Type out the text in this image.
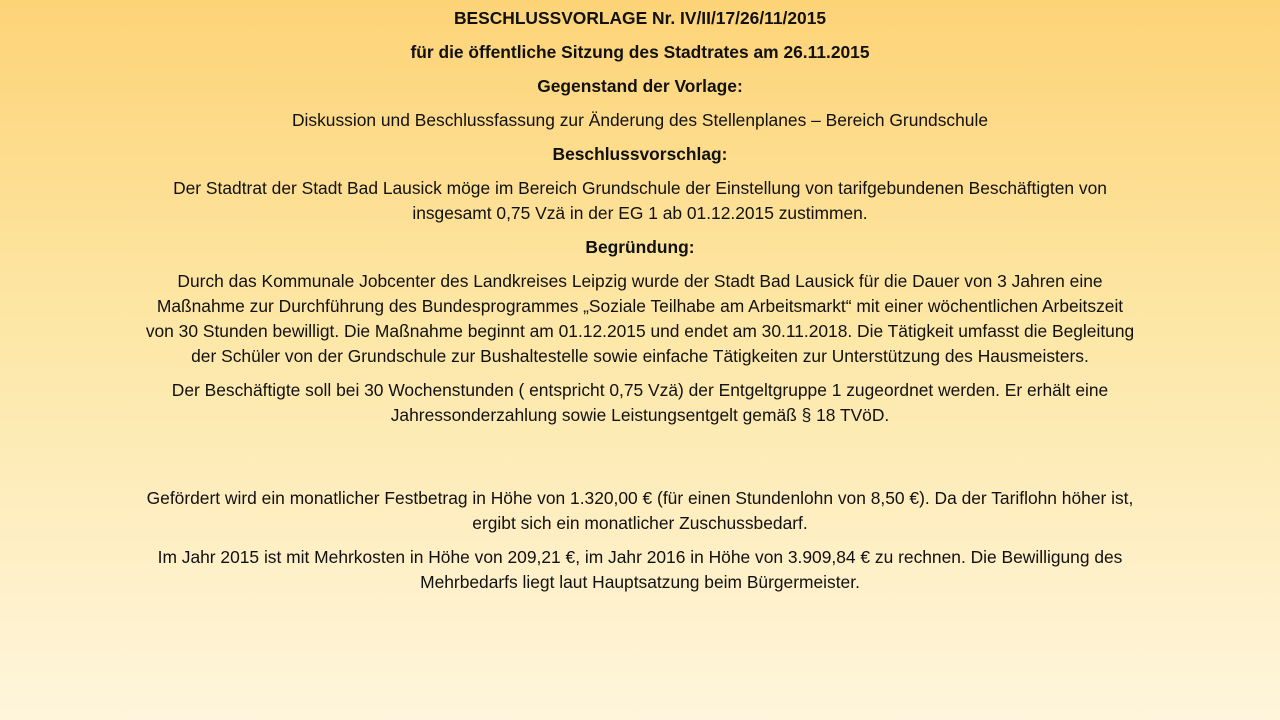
BESCHLUSSVORLAGE Nr. IV/II/17/26/11/2015

für die öffentliche Sitzung des Stadtrates am 26.11.2015

Gegenstand der Vorlage:

Diskussion und Beschlussfassung zur Änderung des Stellenplanes – Bereich Grundschule

Beschlussvorschlag:

Der Stadtrat der Stadt Bad Lausick möge im Bereich Grundschule der Einstellung von tarifgebundenen Beschäftigten von

insgesamt 0,75 Vzä in der EG 1 ab 01.12.2015 zustimmen.

Begründung:

Durch das Kommunale Jobcenter des Landkreises Leipzig wurde der Stadt Bad Lausick für die Dauer von 3 Jahren eine

Maßnahme zur Durchführung des Bundesprogrammes „Soziale Teilhabe am Arbeitsmarkt“ mit einer wöchentlichen Arbeitszeit

von 30 Stunden bewilligt. Die Maßnahme beginnt am 01.12.2015 und endet am 30.11.2018. Die Tätigkeit umfasst die Begleitung

der Schüler von der Grundschule zur Bushaltestelle sowie einfache Tätigkeiten zur Unterstützung des Hausmeisters.

Der Beschäftigte soll bei 30 Wochenstunden ( entspricht 0,75 Vzä) der Entgeltgruppe 1 zugeordnet werden. Er erhält eine

Jahressonderzahlung sowie Leistungsentgelt gemäß § 18 TVöD.

Gefördert wird ein monatlicher Festbetrag in Höhe von 1.320,00 € (für einen Stundenlohn von 8,50 €). Da der Tariflohn höher ist,

ergibt sich ein monatlicher Zuschussbedarf.

Im Jahr 2015 ist mit Mehrkosten in Höhe von 209,21 €, im Jahr 2016 in Höhe von 3.909,84 € zu rechnen. Die Bewilligung des

Mehrbedarfs liegt laut Hauptsatzung beim Bürgermeister.
